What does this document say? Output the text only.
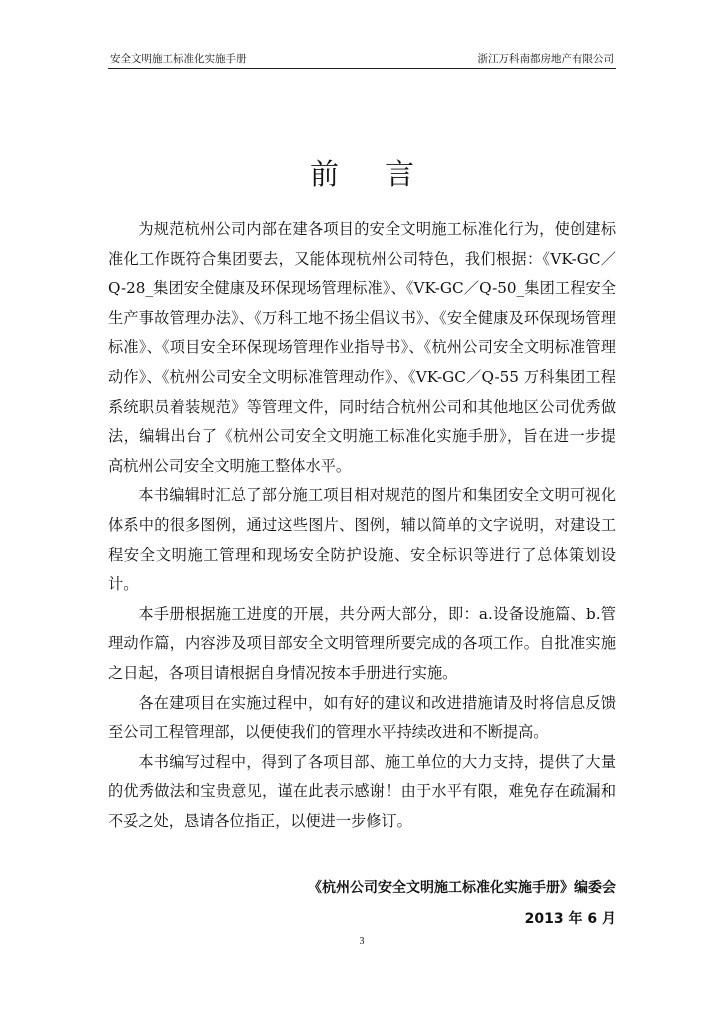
安全文明施工标准化实施手册	浙江万科南都房地产有限公司
前言

为规范杭州公司内部在建各项目的安全文明施工标准化行为，使创建标准化工作既符合集团要去，又能体现杭州公司特色，我们根据：《VK-GC／Q-28_集团安全健康及环保现场管理标准》、《VK-GC／Q-50_集团工程安全生产事故管理办法》、《万科工地不扬尘倡议书》、《安全健康及环保现场管理标准》、《项目安全环保现场管理作业指导书》、《杭州公司安全文明标准管理动作》、《杭州公司安全文明标准管理动作》、《VK-GC／Q-55 万科集团工程系统职员着装规范》等管理文件，同时结合杭州公司和其他地区公司优秀做法，编辑出台了《杭州公司安全文明施工标准化实施手册》，旨在进一步提高杭州公司安全文明施工整体水平。

本书编辑时汇总了部分施工项目相对规范的图片和集团安全文明可视化体系中的很多图例，通过这些图片、图例，辅以简单的文字说明，对建设工程安全文明施工管理和现场安全防护设施、安全标识等进行了总体策划设计。

本手册根据施工进度的开展，共分两大部分，即：a.设备设施篇、b.管理动作篇，内容涉及项目部安全文明管理所要完成的各项工作。自批准实施之日起，各项目请根据自身情况按本手册进行实施。

各在建项目在实施过程中，如有好的建议和改进措施请及时将信息反馈至公司工程管理部，以便使我们的管理水平持续改进和不断提高。

本书编写过程中，得到了各项目部、施工单位的大力支持，提供了大量的优秀做法和宝贵意见，谨在此表示感谢！由于水平有限，难免存在疏漏和不妥之处，恳请各位指正，以便进一步修订。

《杭州公司安全文明施工标准化实施手册》编委会
2013 年 6 月
3
